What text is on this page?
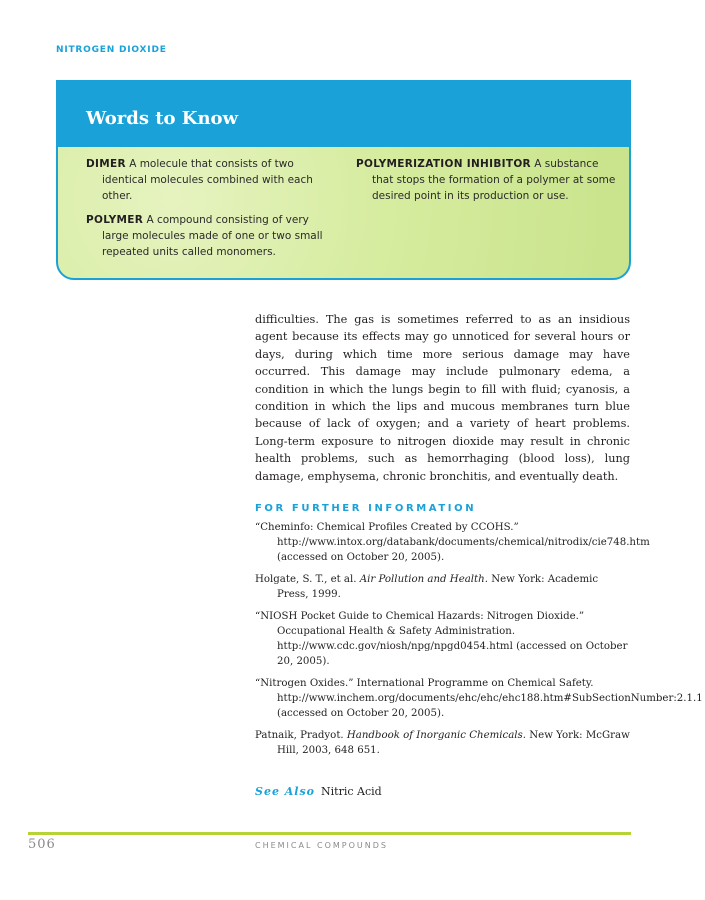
NITROGEN DIOXIDE
Words to Know

DIMER A molecule that consists of two identical molecules combined with each other.

POLYMER A compound consisting of very large molecules made of one or two small repeated units called monomers.

POLYMERIZATION INHIBITOR A substance that stops the formation of a polymer at some desired point in its production or use.

difficulties. The gas is sometimes referred to as an insidious agent because its effects may go unnoticed for several hours or days, during which time more serious damage may have occurred. This damage may include pulmonary edema, a condition in which the lungs begin to fill with fluid; cyanosis, a condition in which the lips and mucous membranes turn blue because of lack of oxygen; and a variety of heart problems. Long-term exposure to nitrogen dioxide may result in chronic health problems, such as hemorrhaging (blood loss), lung damage, emphysema, chronic bronchitis, and eventually death.

FOR FURTHER INFORMATION

“Cheminfo: Chemical Profiles Created by CCOHS.” http://www.intox.org/databank/documents/chemical/nitrodix/cie748.htm (accessed on October 20, 2005).

Holgate, S. T., et al. Air Pollution and Health. New York: Academic Press, 1999.

“NIOSH Pocket Guide to Chemical Hazards: Nitrogen Dioxide.” Occupational Health & Safety Administration. http://www.cdc.gov/niosh/npg/npgd0454.html (accessed on October 20, 2005).

“Nitrogen Oxides.” International Programme on Chemical Safety. http://www.inchem.org/documents/ehc/ehc/ehc188.htm#SubSectionNumber:2.1.1 (accessed on October 20, 2005).

Patnaik, Pradyot. Handbook of Inorganic Chemicals. New York: McGraw Hill, 2003, 648 651.

See Also Nitric Acid
506	CHEMICAL COMPOUNDS
